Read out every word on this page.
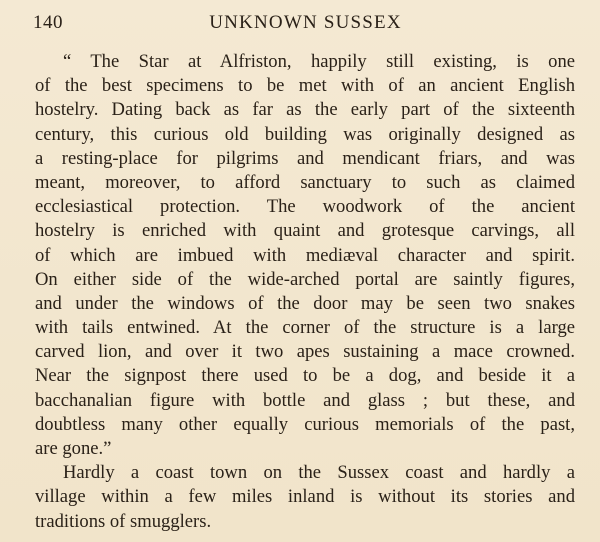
140	UNKNOWN SUSSEX
“ The Star at Alfriston, happily still existing, is one
of the best specimens to be met with of an ancient English
hostelry. Dating back as far as the early part of the sixteenth
century, this curious old building was originally designed as
a resting-place for pilgrims and mendicant friars, and was
meant, moreover, to afford sanctuary to such as claimed
ecclesiastical protection. The woodwork of the ancient
hostelry is enriched with quaint and grotesque carvings, all
of which are imbued with mediæval character and spirit.
On either side of the wide-arched portal are saintly figures,
and under the windows of the door may be seen two snakes
with tails entwined. At the corner of the structure is a large
carved lion, and over it two apes sustaining a mace crowned.
Near the signpost there used to be a dog, and beside it a
bacchanalian figure with bottle and glass ; but these, and
doubtless many other equally curious memorials of the past,
are gone.”
Hardly a coast town on the Sussex coast and hardly a
village within a few miles inland is without its stories and
traditions of smugglers.
